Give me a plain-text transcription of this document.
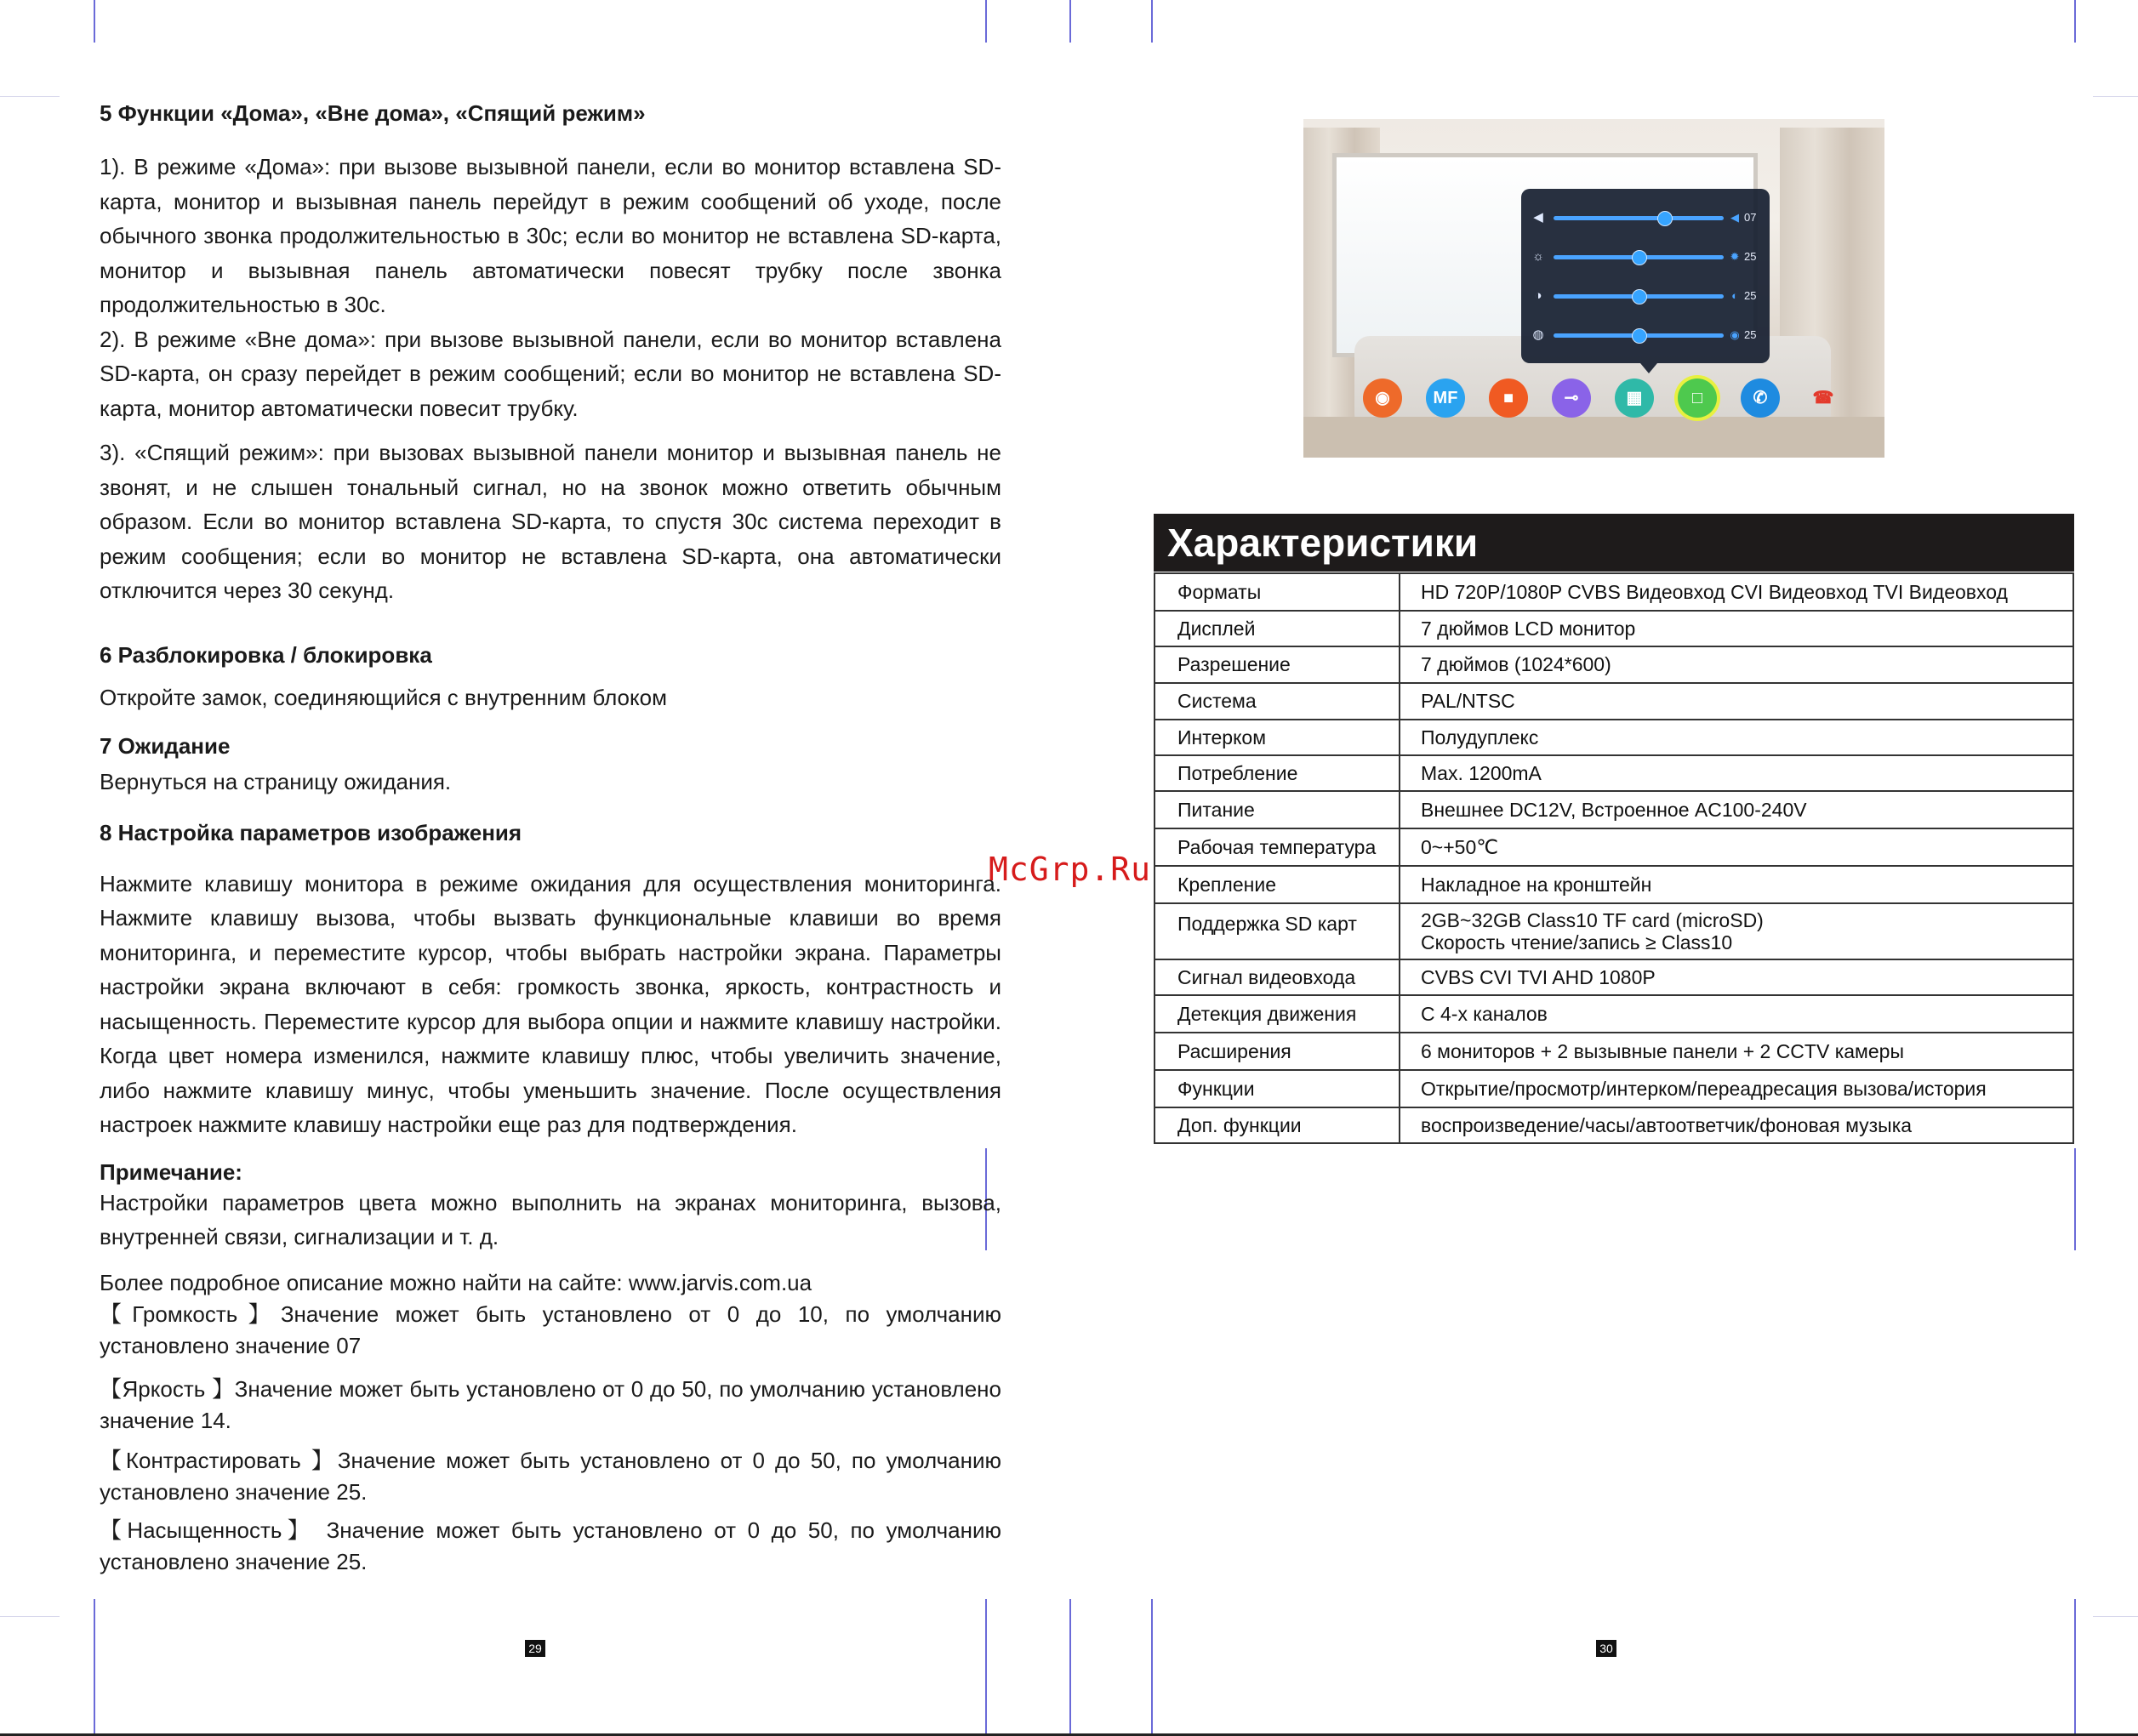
5 Функции «Дома», «Вне дома», «Спящий режим»

1). В режиме «Дома»: при вызове вызывной панели, если во монитор вставлена SD-карта, монитор и вызывная панель перейдут в режим сообщений об уходе, после обычного звонка продолжительностью в 30с; если во монитор не вставлена SD-карта, монитор и вызывная панель автоматически повесят трубку после звонка продолжительностью в 30с.

2). В режиме «Вне дома»: при вызове вызывной панели, если во монитор вставлена SD-карта, он сразу перейдет в режим сообщений; если во монитор не вставлена SD-карта, монитор автоматически повесит трубку.

3). «Спящий режим»: при вызовах вызывной панели монитор и вызывная панель не звонят, и не слышен тональный сигнал, но на звонок можно ответить обычным образом. Если во монитор вставлена SD-карта, то спустя 30с система переходит в режим сообщения; если во монитор не вставлена SD-карта, она автоматически отключится через 30 секунд.

6 Разблокировка / блокировка

Откройте замок, соединяющийся с внутренним блоком

7 Ожидание

Вернуться на страницу ожидания.

8 Настройка параметров изображения

Нажмите клавишу монитора в режиме ожидания для осуществления мониторинга. Нажмите клавишу вызова, чтобы вызвать функциональные клавиши во время мониторинга, и переместите курсор, чтобы выбрать настройки экрана. Параметры настройки экрана включают в себя: громкость звонка, яркость, контрастность и насыщенность. Переместите курсор для выбора опции и нажмите клавишу настройки. Когда цвет номера изменился, нажмите клавишу плюс, чтобы увеличить значение, либо нажмите клавишу минус, чтобы уменьшить значение. После осуществления настроек нажмите клавишу настройки еще раз для подтверждения.

Примечание:

Настройки параметров цвета можно выполнить на экранах мониторинга, вызова, внутренней связи, сигнализации и т. д.

Более подробное описание можно найти на сайте: www.jarvis.com.ua

【Громкость】Значение может быть установлено от 0 до 10, по умолчанию установлено значение 07

【Яркость 】Значение может быть установлено от 0 до 50, по умолчанию установлено значение 14.

【Контрастировать 】Значение может быть установлено от 0 до 50, по умолчанию установлено значение 25.

【Насыщенность】 Значение может быть установлено от 0 до 50, по умолчанию установлено значение 25.

29
McGrp.Ru
◀	◀ 07
☼	✹ 25
◑	◐ 25
◍	◉ 25
◉	MF	■	⊸	▦	□	✆	☎
Характеристики
Форматы	HD 720P/1080P CVBS Видеовход CVI Видеовход TVI Видеовход
Дисплей	7 дюймов LCD монитор
Разрешение	7 дюймов (1024*600)
Система	PAL/NTSC
Интерком	Полудуплекс
Потребление	Max. 1200mA
Питание	Внешнее DC12V, Встроенное AC100-240V
Рабочая температура	0~+50℃
Крепление	Накладное на кронштейн
Поддержка SD карт	2GB~32GB Class10 TF card (microSD)
Скорость чтение/запись ≥ Class10

Сигнал видеовхода	CVBS CVI TVI AHD 1080P
Детекция движения	С 4-х каналов
Расширения	6 мониторов + 2 вызывные панели + 2 CCTV камеры
Функции	Открытие/просмотр/интерком/переадресация вызова/история
Доп. функции	воспроизведение/часы/автоответчик/фоновая музыка
30
